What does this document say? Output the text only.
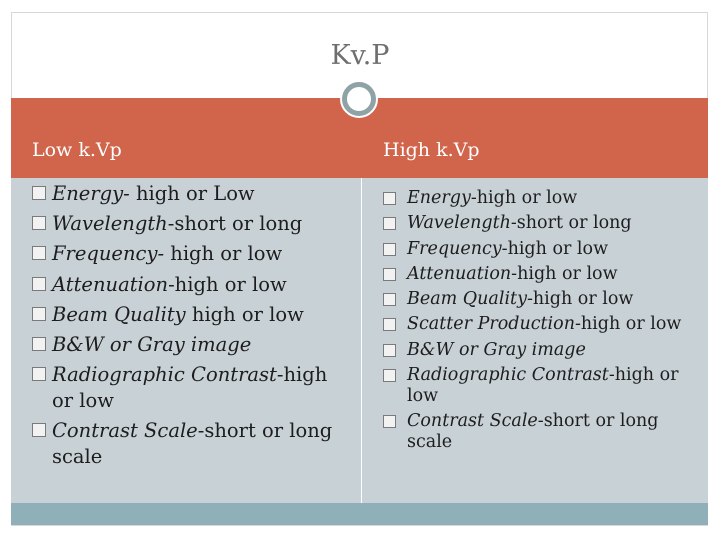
Kv.P
Low k.Vp	High k.Vp
Energy- high or Low
Wavelength-short or long
Frequency- high or low
Attenuation-high or low
Beam Quality high or low
B&W or Gray image
Radiographic Contrast-high or low
Contrast Scale-short or long scale
Energy-high or low
Wavelength-short or long
Frequency-high or low
Attenuation-high or low
Beam Quality-high or low
Scatter Production-high or low
B&W or Gray image
Radiographic Contrast-high or low
Contrast Scale-short or long scale
